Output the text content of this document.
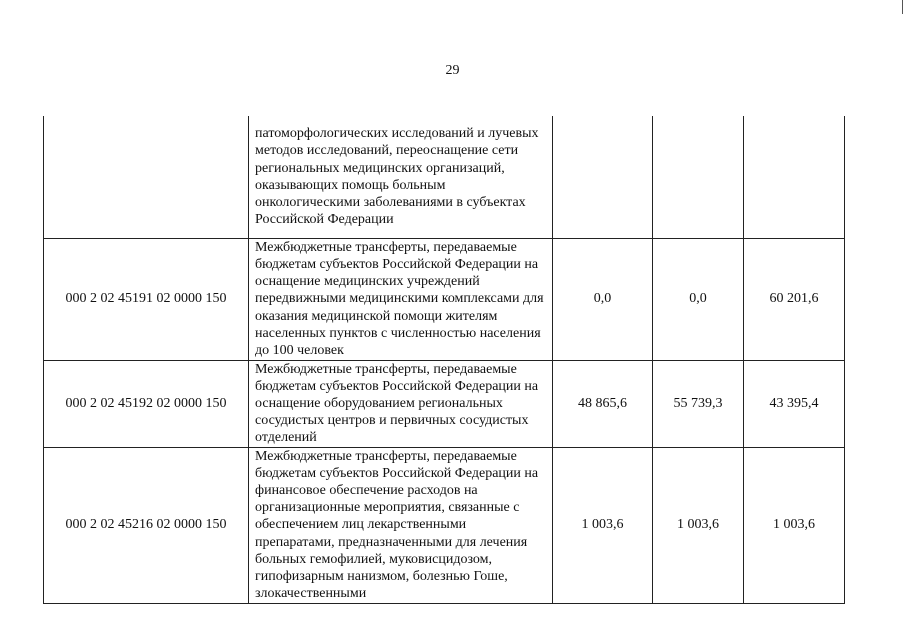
29
	патоморфологических исследований и лучевых методов исследований, переоснащение сети региональных медицинских организаций, оказывающих помощь больным онкологическими заболеваниями в субъектах Российской Федерации			
000 2 02 45191 02 0000 150	Межбюджетные трансферты, передаваемые бюджетам субъектов Российской Федерации на оснащение медицинских учреждений передвижными медицинскими комплексами для оказания медицинской помощи жителям населенных пунктов с численностью населения до 100 человек	0,0	0,0	60 201,6
000 2 02 45192 02 0000 150	Межбюджетные трансферты, передаваемые бюджетам субъектов Российской Федерации на оснащение оборудованием региональных сосудистых центров и первичных сосудистых отделений	48 865,6	55 739,3	43 395,4
000 2 02 45216 02 0000 150	Межбюджетные трансферты, передаваемые бюджетам субъектов Российской Федерации на финансовое обеспечение расходов на организационные мероприятия, связанные с обеспечением лиц лекарственными препаратами, предназначенными для лечения больных гемофилией, муковисцидозом, гипофизарным нанизмом, болезнью Гоше, злокачественными	1 003,6	1 003,6	1 003,6
